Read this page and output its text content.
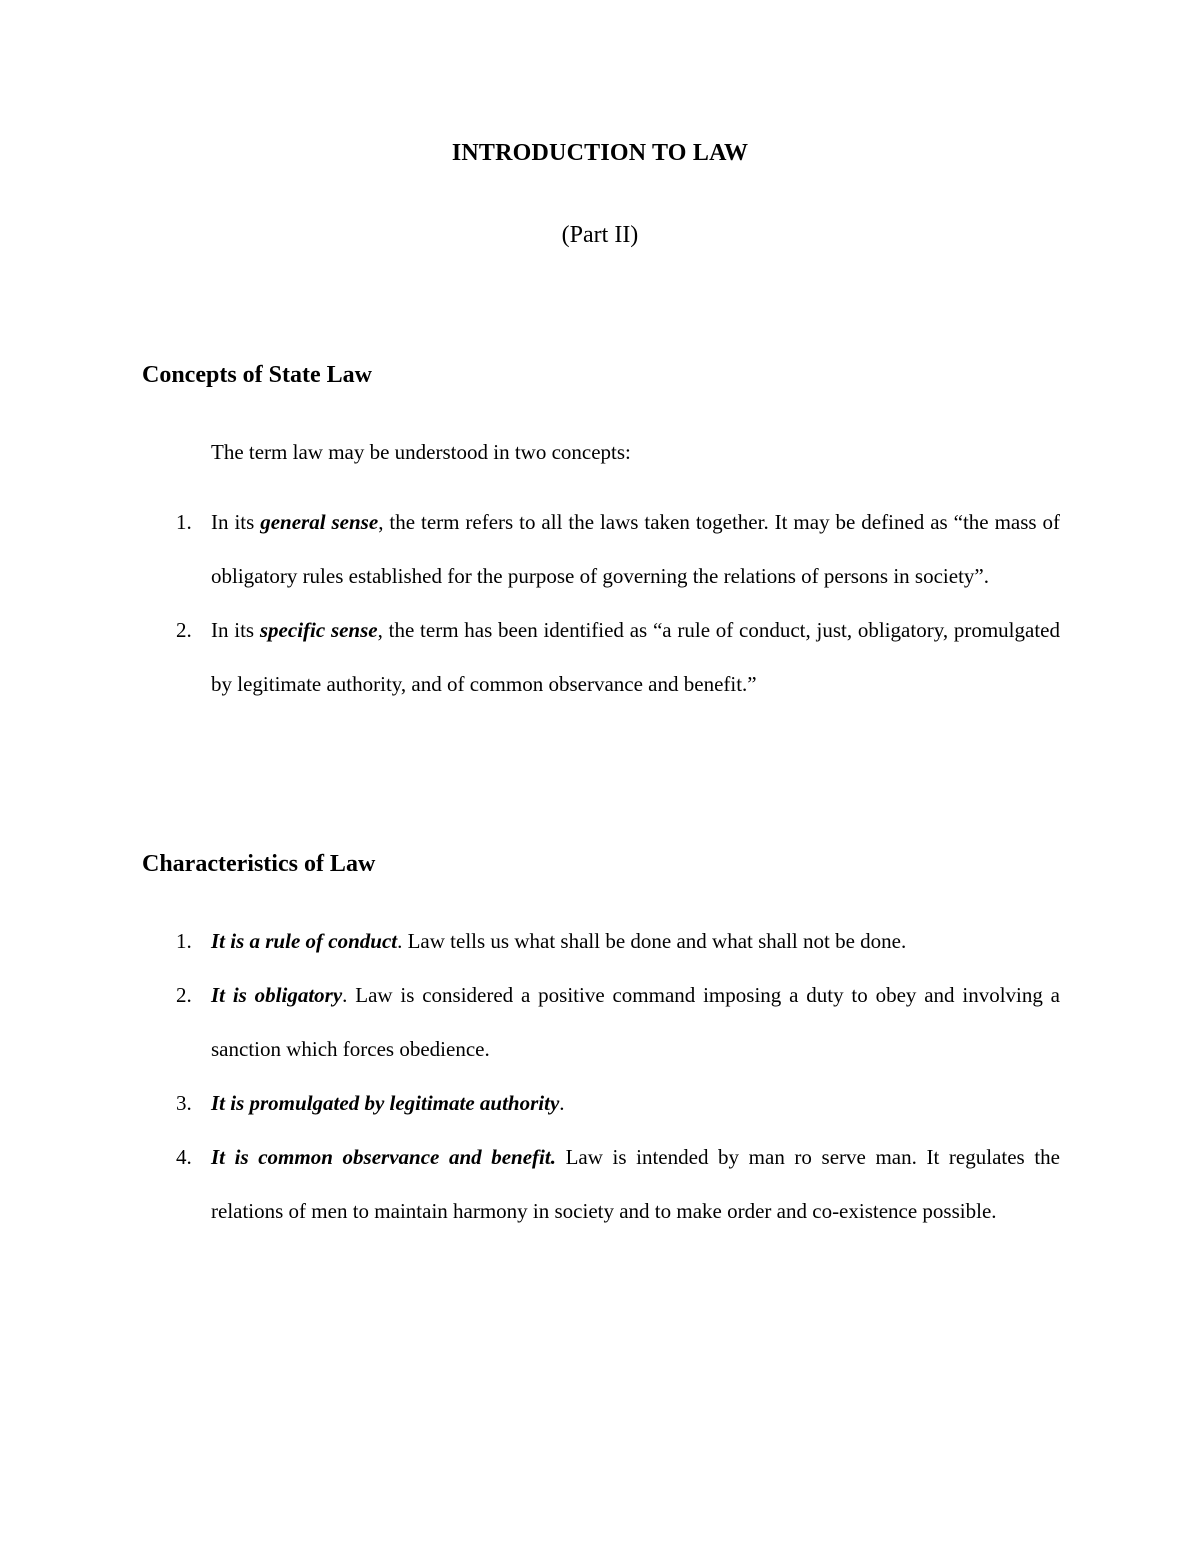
INTRODUCTION TO LAW
(Part II)
Concepts of State Law
The term law may be understood in two concepts:
1. In its general sense, the term refers to all the laws taken together. It may be defined as “the mass of obligatory rules established for the purpose of governing the relations of persons in society”.
2. In its specific sense, the term has been identified as “a rule of conduct, just, obligatory, promulgated by legitimate authority, and of common observance and benefit.”
Characteristics of Law
1. It is a rule of conduct. Law tells us what shall be done and what shall not be done.
2. It is obligatory. Law is considered a positive command imposing a duty to obey and involving a sanction which forces obedience.
3. It is promulgated by legitimate authority.
4. It is common observance and benefit. Law is intended by man ro serve man. It regulates the relations of men to maintain harmony in society and to make order and co-existence possible.
